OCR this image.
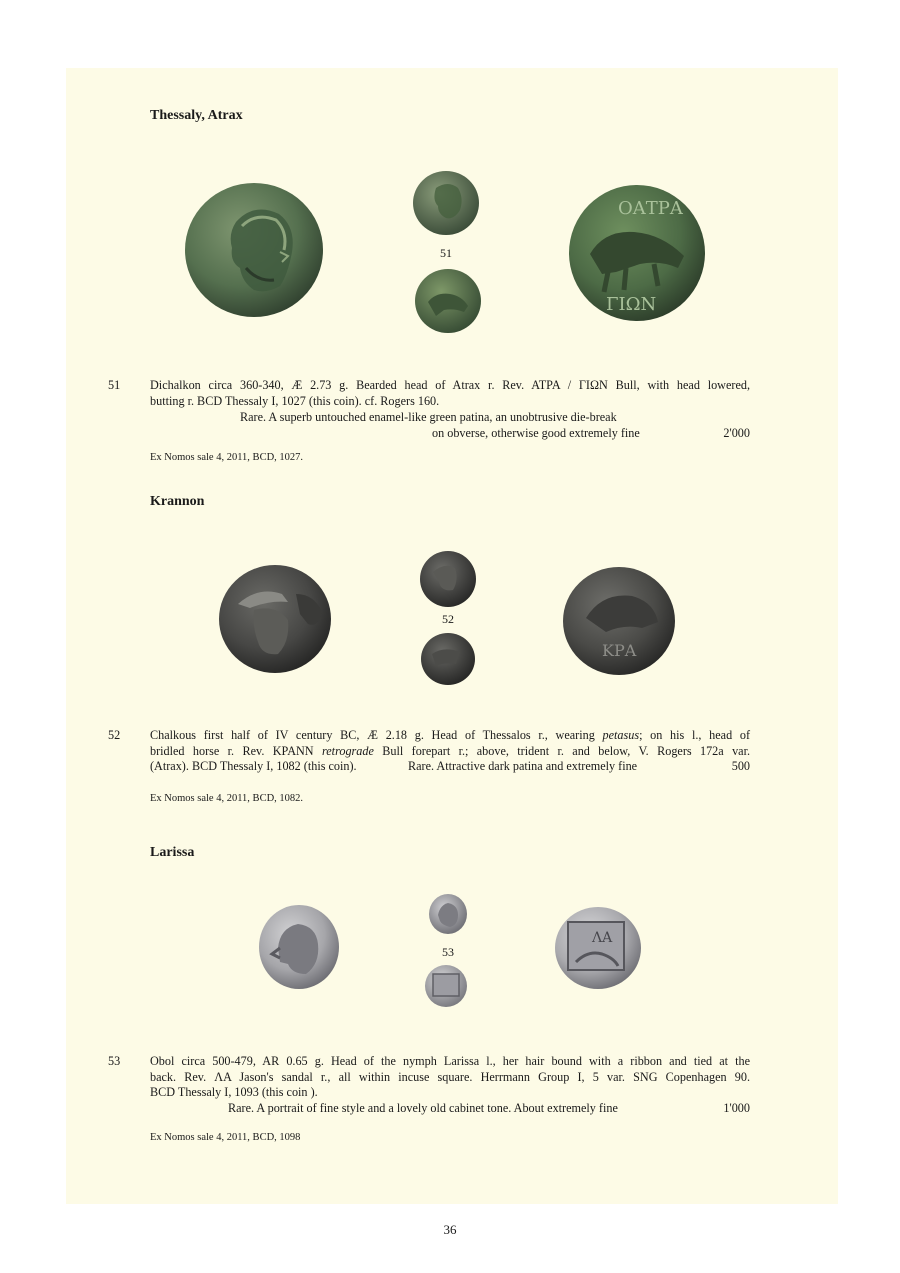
Thessaly, Atrax
51
ΟΑΤΡΑ
ΓΙΩΝ
51 Dichalkon circa 360-340, Æ 2.73 g. Bearded head of Atrax r. Rev. ATPA / ΓΙΩΝ Bull, with head lowered,
butting r. BCD Thessaly I, 1027 (this coin). cf. Rogers 160.
Rare. A superb untouched enamel-like green patina, an unobtrusive die-break
on obverse, otherwise good extremely fine	2'000
Ex Nomos sale 4, 2011, BCD, 1027.
Krannon
52
ΚΡΑ
52 Chalkous first half of IV century BC, Æ 2.18 g. Head of Thessalos r., wearing petasus; on his l., head of
bridled horse r. Rev. KPANN retrograde Bull forepart r.; above, trident r. and below, V. Rogers 172a var.
(Atrax). BCD Thessaly I, 1082 (this coin).	Rare. Attractive dark patina and extremely fine	500
Ex Nomos sale 4, 2011, BCD, 1082.
Larissa
53
ΛΑ
53 Obol circa 500-479, AR 0.65 g. Head of the nymph Larissa l., her hair bound with a ribbon and tied at the
back. Rev. ΛΑ Jason's sandal r., all within incuse square. Herrmann Group I, 5 var. SNG Copenhagen 90.
BCD Thessaly I, 1093 (this coin ).
Rare. A portrait of fine style and a lovely old cabinet tone. About extremely fine	1'000
Ex Nomos sale 4, 2011, BCD, 1098
36
